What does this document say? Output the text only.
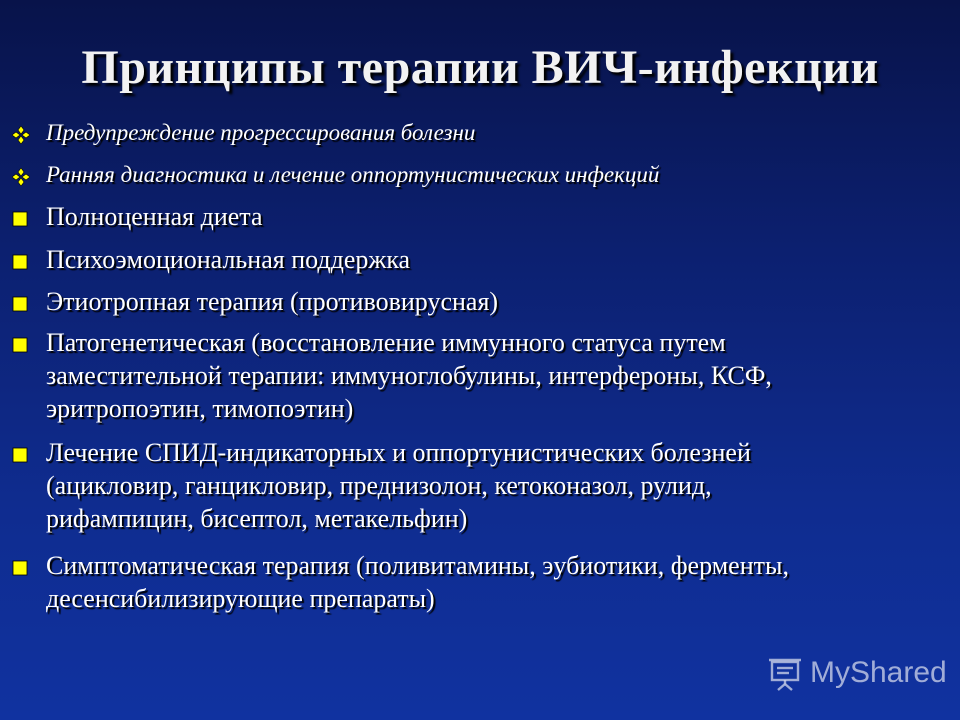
Принципы терапии ВИЧ-инфекции
Предупреждение прогрессирования болезни
Ранняя диагностика и лечение оппортунистических инфекций
Полноценная диета
Психоэмоциональная поддержка
Этиотропная терапия (противовирусная)
Патогенетическая (восстановление иммунного статуса путем
заместительной терапии: иммуноглобулины, интерфероны, КСФ,
эритропоэтин, тимопоэтин)
Лечение СПИД-индикаторных и оппортунистических болезней
(ацикловир, ганцикловир, преднизолон, кетоконазол, рулид,
рифампицин, бисептол, метакельфин)
Симптоматическая терапия (поливитамины, эубиотики, ферменты,
десенсибилизирующие препараты)
MyShared
